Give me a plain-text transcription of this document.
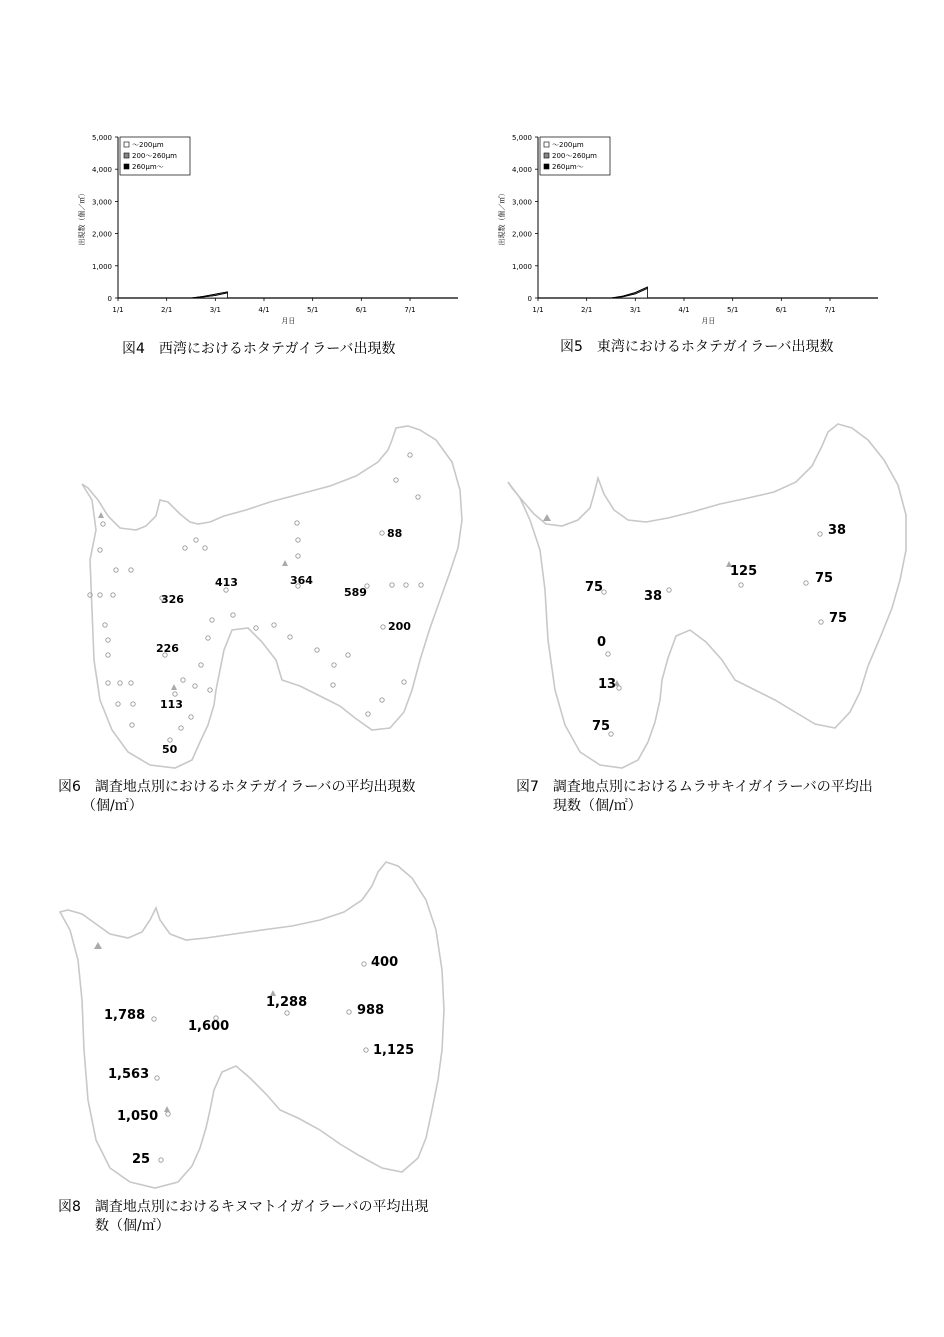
5,000
4,000
3,000
2,000
1,000
0
1/1	2/1	3/1	4/1	5/1	6/1	7/1
月日
出現数（個／㎡）
～200μm
200～260μm
260μm～
図4　西湾におけるホタテガイラーバ出現数
5,000
4,000
3,000
2,000
1,000
0
1/1	2/1	3/1	4/1	5/1	6/1	7/1
月日
出現数（個／㎡）
～200μm
200～260μm
260μm～
図5　東湾におけるホタテガイラーバ出現数
88
326
413	364
589
200
226
113
50
図6　調査地点別におけるホタテガイラーバの平均出現数
（個/㎡）
38
75
38
125	75
75
0
13
75
図7　調査地点別におけるムラサキイガイラーバの平均出
現数（個/㎡）
400
1,788
1,288
988
1,600
1,125
1,563
1,050
25
図8　調査地点別におけるキヌマトイガイラーバの平均出現
数（個/㎡）
